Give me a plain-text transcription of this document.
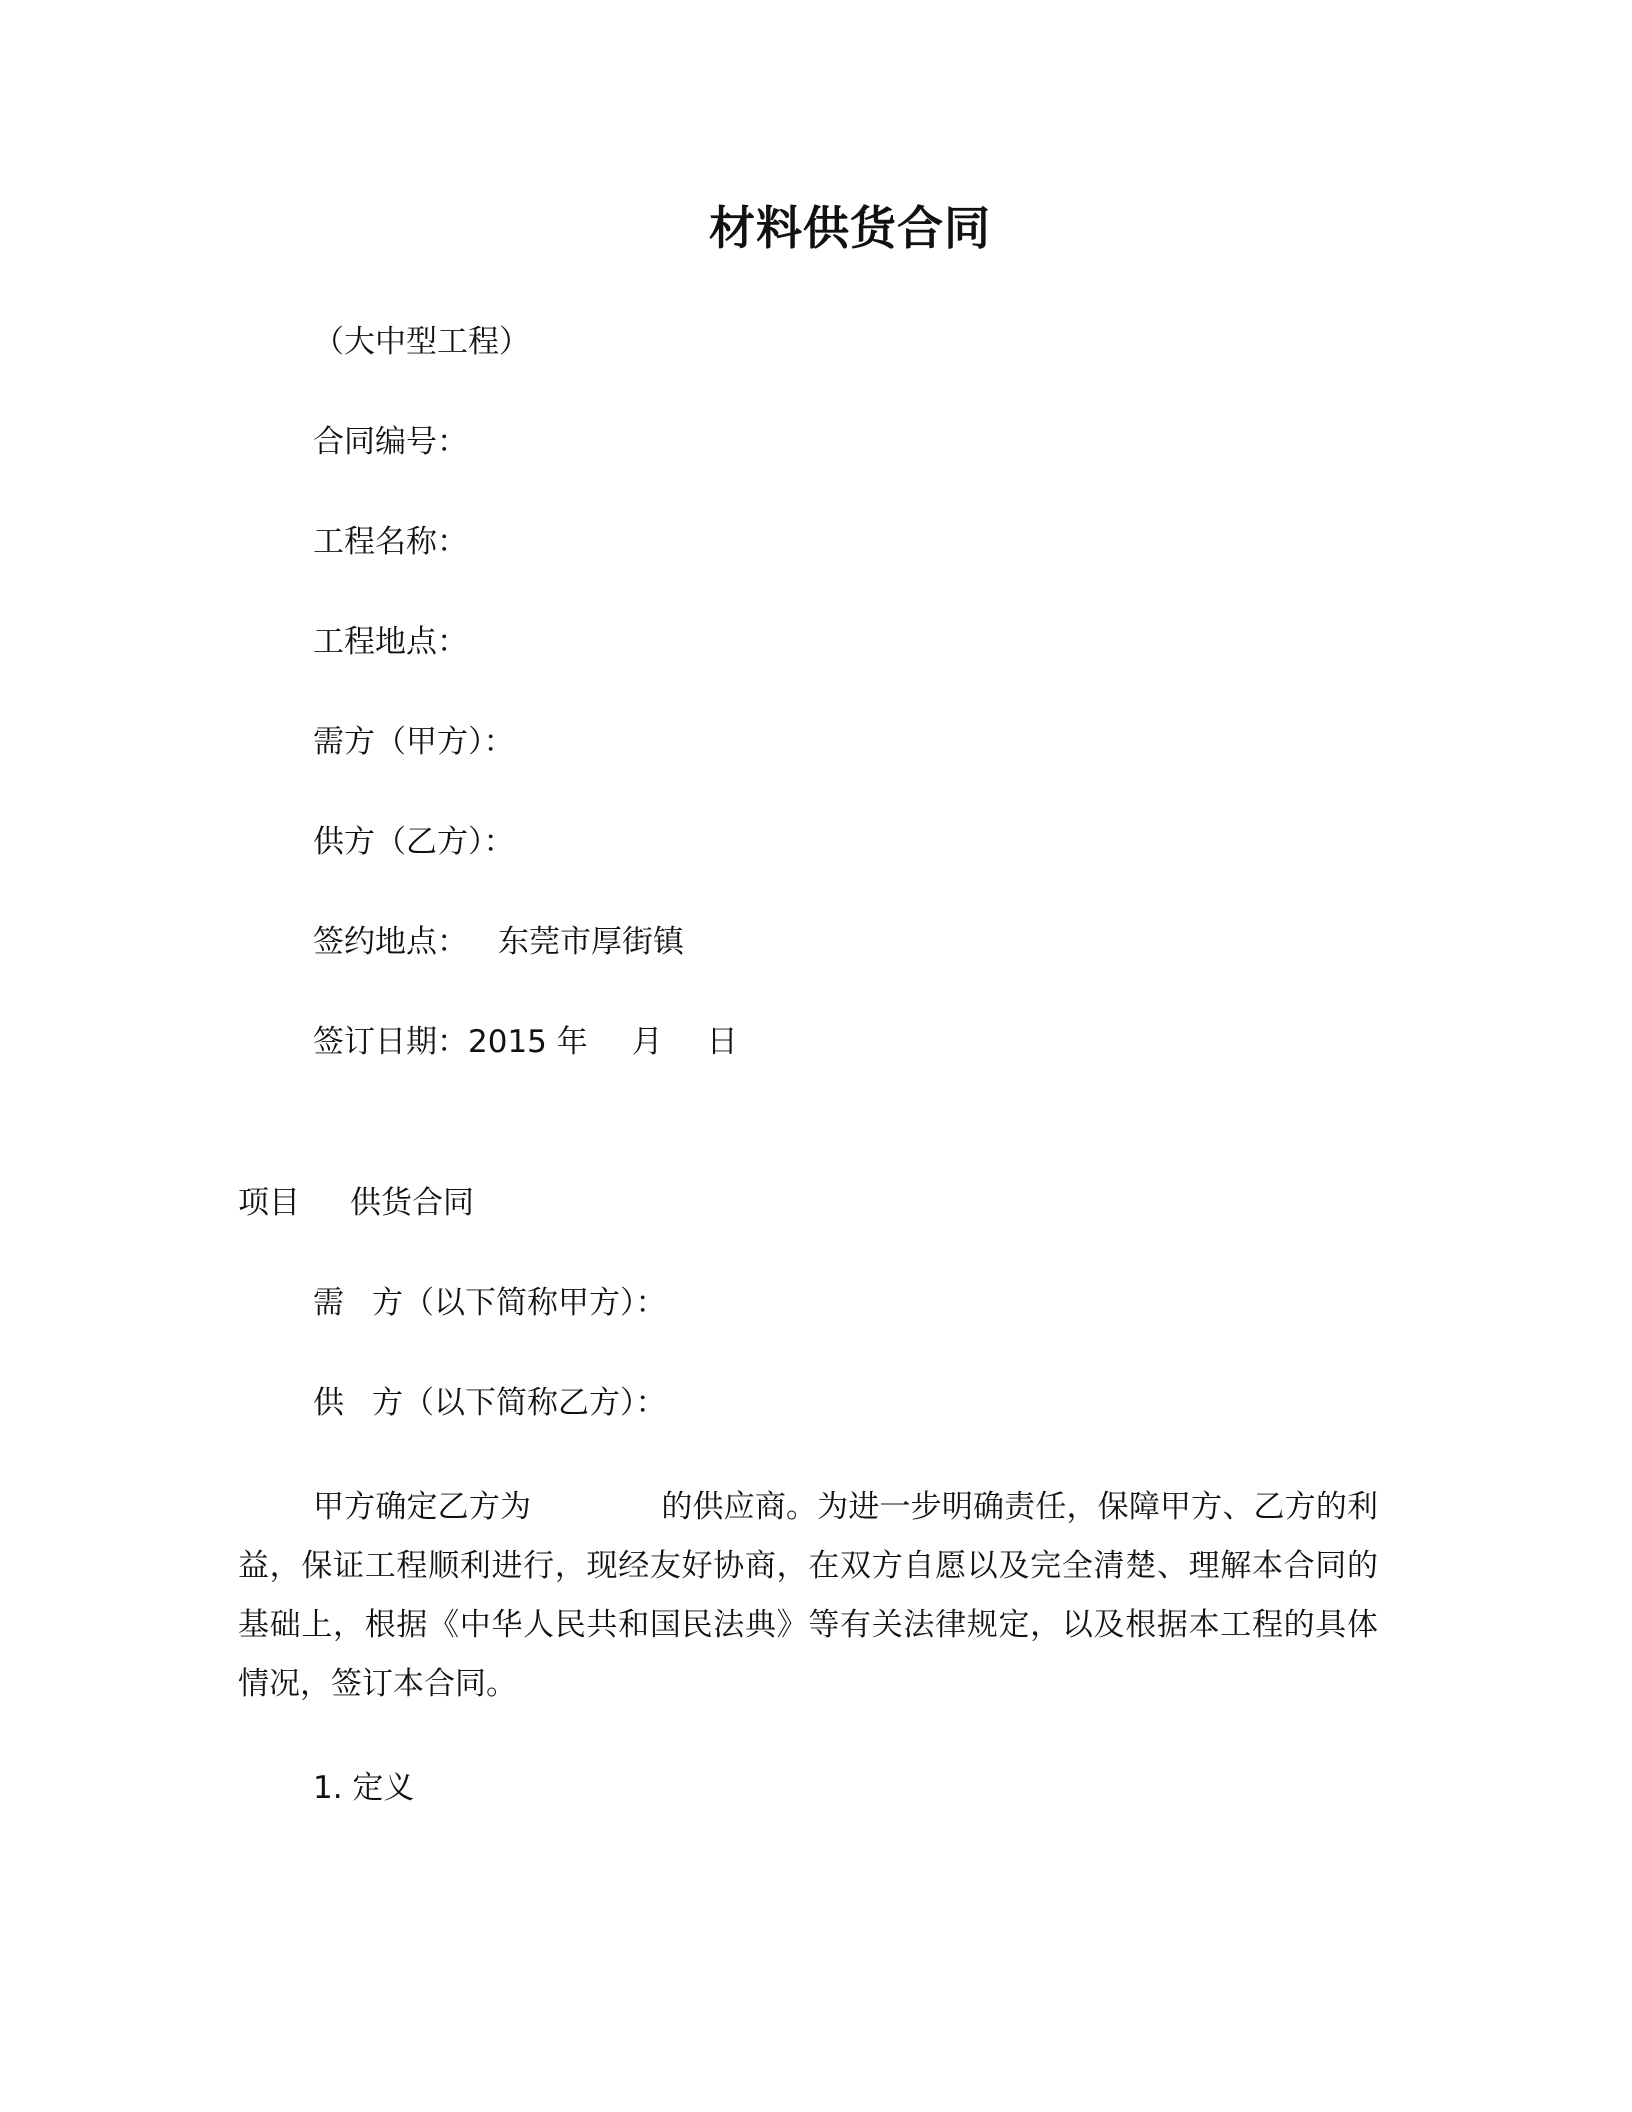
材料供货合同
（大中型工程）
合同编号：
工程名称：
工程地点：
需方（甲方）：
供方（乙方）：
签约地点： 东莞市厚街镇
签订日期：2015 年 月 日
项目 供货合同
需 方（以下简称甲方）：
供 方（以下简称乙方）：
甲方确定乙方为	的供应商。为进一步明确责任，保障甲方、乙方的利益，保证工程顺利进行，现经友好协商，在双方自愿以及完全清楚、理解本合同的基础上，根据《中华人民共和国民法典》等有关法律规定，以及根据本工程的具体情况，签订本合同。
1. 定义
